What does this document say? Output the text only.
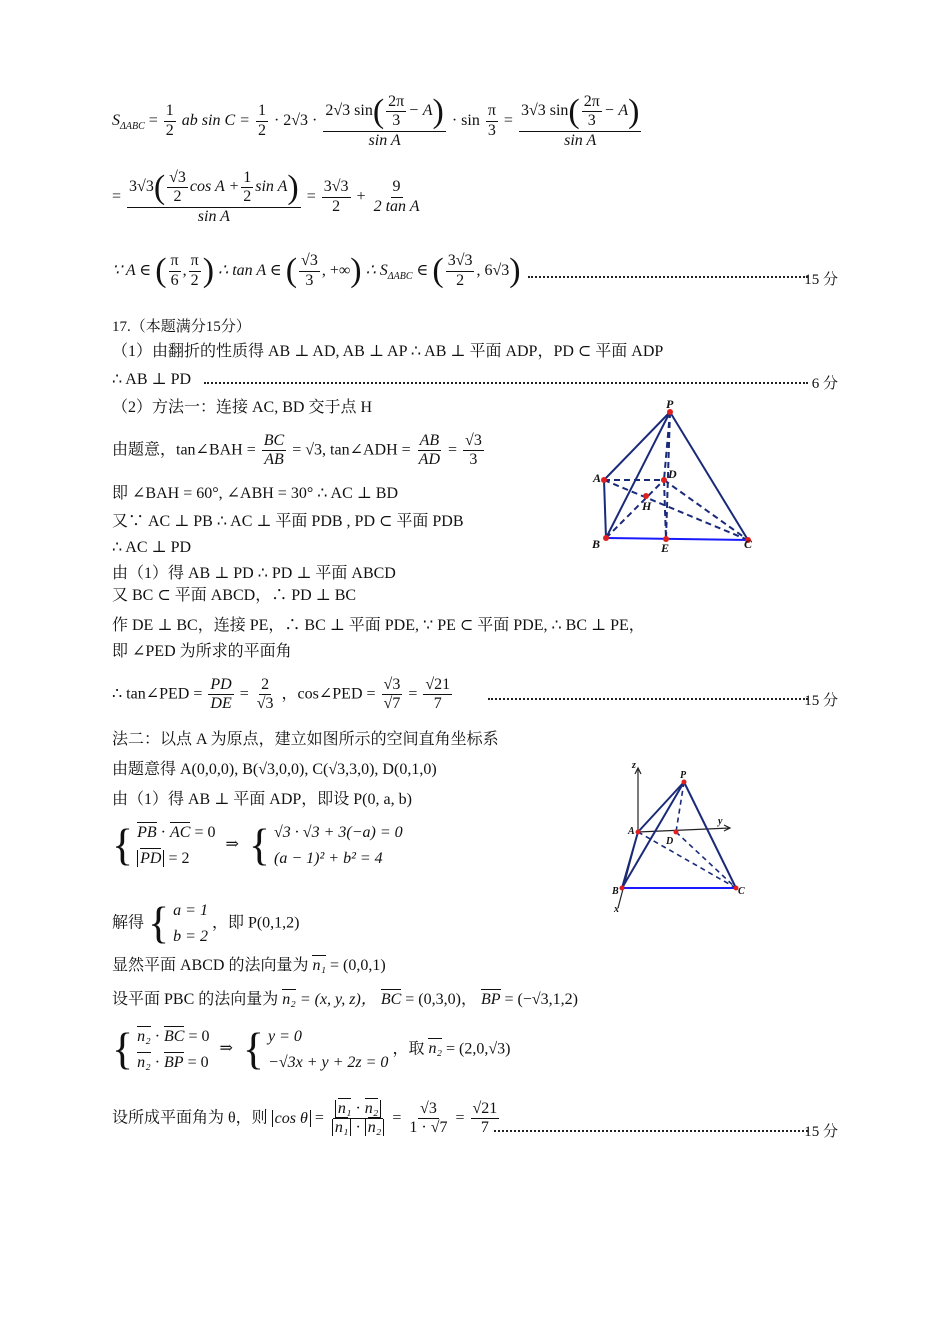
$S_{\Delta ABC} = \frac{1}{2}$ ab $\sin C = \frac{1}{2} \cdot 2√3 \cdot \frac{2√3 \sin( \frac{2\pi}{3} - A)}{\text{sin A}} \cdot \sin \frac{\pi}{3} = \frac{3√3 \sin( \frac{2\pi}{3} - A)}{\text{sin A}}$
= $\frac{3√3( \frac{√3}{2} \cos A + \frac{1}{2} \sin A)}{\text{sin A}} = \frac{3√3}{2} + \frac{9}{\text{2 tan A}}$
∵ A ∈ ( $\frac{\pi}{6}$ , $\frac{\pi}{2}$ ) ∴ tan A ∈ ( $\frac{√3}{3}$ , +∞) ∴ $S_{\Delta ABC}$ ∈ ( $\frac{3√3}{2}$ , 6√3)	15 分
17.（本题满分15分）
（1）由翻折的性质得 AB ⊥ AD, AB ⊥ AP ∴ AB ⊥ 平面 ADP，PD ⊂ 平面 ADP
∴ AB ⊥ PD	6 分
（2）方法一：连接 AC, BD 交于点 H
由题意，tan∠BAH = $\frac{BC}{AB} = √3$, tan∠ADH = $\frac{AB}{AD} = \frac{√3}{3}$
即 ∠BAH = 60°, ∠ABH = 30° ∴ AC ⊥ BD
又∵ AC ⊥ PB ∴ AC ⊥ 平面 PDB , PD ⊂ 平面 PDB
∴ AC ⊥ PD
由（1）得 AB ⊥ PD ∴ PD ⊥ 平面 ABCD
又 BC ⊂ 平面 ABCD，∴ PD ⊥ BC
作 DE ⊥ BC，连接 PE，∴ BC ⊥ 平面 PDE, ∵ PE ⊂ 平面 PDE, ∴ BC ⊥ PE，
即 ∠PED 为所求的平面角
∴ tan∠PED = $\frac{PD}{DE} = \frac{2}{√3}$ ，cos∠PED = $\frac{√3}{√7} = \frac{√21}{7}$	15 分
法二：以点 A 为原点，建立如图所示的空间直角坐标系
由题意得 A(0,0,0), B(√3,0,0), C(√3,3,0), D(0,1,0)
由（1）得 AB ⊥ 平面 ADP，即设 P(0, a, b)
{ PB · AC = 0
PD = 2
⇒ { √3 · √3 + 3(−a) = 0
(a − 1)² + b² = 4
解得 { a = 1
b = 2
，即 P(0,1,2)
显然平面 ABCD 的法向量为 n₁ = (0,0,1)
设平面 PBC 的法向量为 n₂ = (x, y, z)， BC = (0,3,0)， BP = (−√3,1,2)
{ n₂ · BC = 0
n₂ · BP = 0
⇒ { y = 0
−√3x + y + 2z = 0
，取 n₂ = (2,0,√3)
设所成平面角为 θ，则 $\cos \theta = \frac{\text{n₁ · n₂}}{\text{n₁ · n₂}} = \frac{√3}{1 \cdot √7} = \frac{√21}{7}$	15 分
P
A	D
H
B	E	C
z
P
A
D
y
B	C
x
